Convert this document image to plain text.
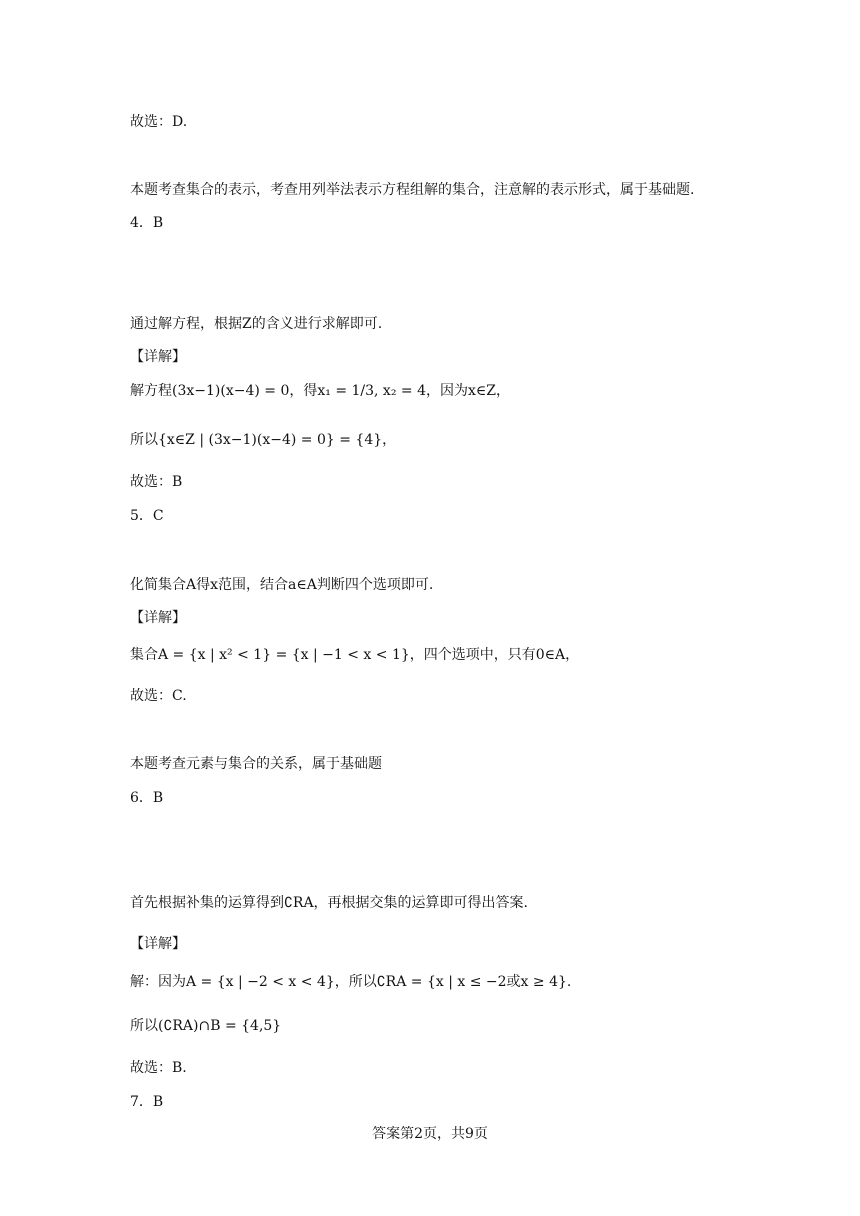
故选：D.
本题考查集合的表示，考查用列举法表示方程组解的集合，注意解的表示形式，属于基础题.
4．B
通过解方程，根据Z的含义进行求解即可.
【详解】
解方程(3x−1)(x−4) = 0，得x₁ = 1/3, x₂ = 4，因为x∈Z，
所以{x∈Z | (3x−1)(x−4) = 0} = {4}，
故选：B
5．C
化简集合A得x范围，结合a∈A判断四个选项即可.
【详解】
集合A = {x | x² < 1} = {x | −1 < x < 1}，四个选项中，只有0∈A，
故选：C.
本题考查元素与集合的关系，属于基础题
6．B
首先根据补集的运算得到∁RA，再根据交集的运算即可得出答案.
【详解】
解：因为A = {x | −2 < x < 4}，所以∁RA = {x | x ≤ −2或x ≥ 4}.
所以(∁RA)∩B = {4,5}
故选：B.
7．B
答案第2页，共9页
